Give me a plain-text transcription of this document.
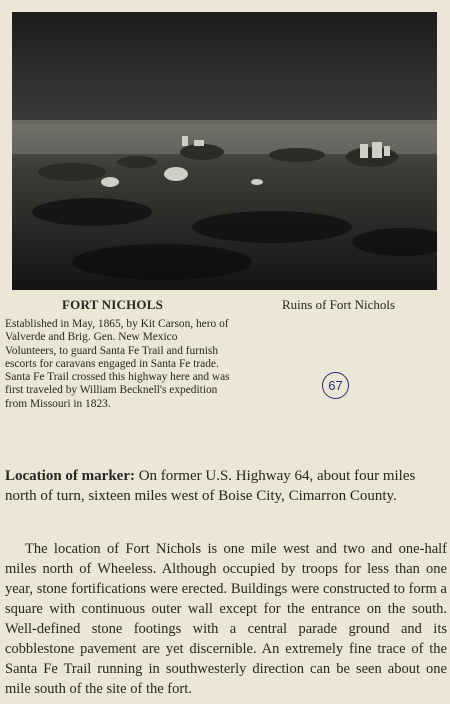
FORT NICHOLS	Ruins of Fort Nichols

Established in May, 1865, by Kit Carson, hero of Valverde and Brig. Gen. New Mexico Volunteers, to guard Santa Fe Trail and furnish escorts for caravans engaged in Santa Fe trade. Santa Fe Trail crossed this highway here and was first traveled by William Becknell's expedition from Missouri in 1823.

67

Location of marker: On former U.S. Highway 64, about four miles north of turn, sixteen miles west of Boise City, Cimarron County.

The location of Fort Nichols is one mile west and two and one-half miles north of Wheeless. Although occupied by troops for less than one year, stone fortifications were erected. Buildings were constructed to form a square with continuous outer wall except for the entrance on the south. Well-defined stone footings with a central parade ground and its cobblestone pavement are yet discernible. An extremely fine trace of the Santa Fe Trail running in southwesterly direction can be seen about one mile south of the site of the fort.
